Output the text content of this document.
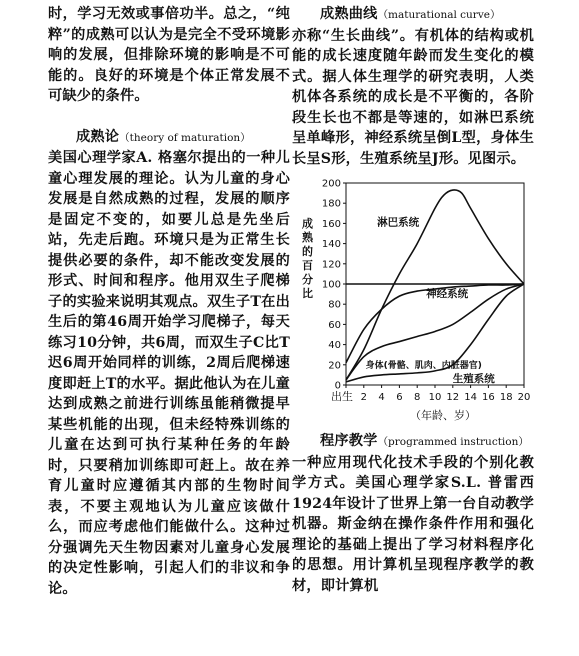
时，学习无效或事倍功半。总之，“纯粹”的成熟可以认为是完全不受环境影响的发展，但排除环境的影响是不可能的。良好的环境是个体正常发展不可缺少的条件。

成熟论（theory of maturation）

美国心理学家A. 格塞尔提出的一种儿童心理发展的理论。认为儿童的身心发展是自然成熟的过程，发展的顺序是固定不变的，如要儿总是先坐后站，先走后跑。环境只是为正常生长提供必要的条件，却不能改变发展的形式、时间和程序。他用双生子爬梯子的实验来说明其观点。双生子T在出生后的第46周开始学习爬梯子，每天练习10分钟，共6周，而双生子C比T迟6周开始同样的训练，2周后爬梯速度即赶上T的水平。据此他认为在儿童达到成熟之前进行训练虽能稍微提早某些机能的出现，但未经特殊训练的儿童在达到可执行某种任务的年龄时，只要稍加训练即可赶上。故在养育儿童时应遵循其内部的生物时间表，不要主观地认为儿童应该做什么，而应考虑他们能做什么。这种过分强调先天生物因素对儿童身心发展的决定性影响，引起人们的非议和争论。

成熟曲线（maturational curve）

亦称“生长曲线”。有机体的结构或机能的成长速度随年龄而发生变化的模式。据人体生理学的研究表明，人类机体各系统的成长是不平衡的，各阶段生长也不都是等速的，如淋巴系统呈单峰形，神经系统呈倒L型，身体生长呈S形，生殖系统呈J形。见图示。

0
20
40
60
80
100
120
140
160
180
200
出生 2 4 6 8 10 12 14 16 18 20
成熟的百分比
（年龄、岁）
淋巴系统
神经系统
身体(骨骼、肌肉、内脏器官)
生殖系统

程序教学（programmed instruction）

一种应用现代化技术手段的个别化教学方式。美国心理学家S.L. 普雷西1924年设计了世界上第一台自动教学机器。斯金纳在操作条件作用和强化理论的基础上提出了学习材料程序化的思想。用计算机呈现程序教学的教材，即计算机
